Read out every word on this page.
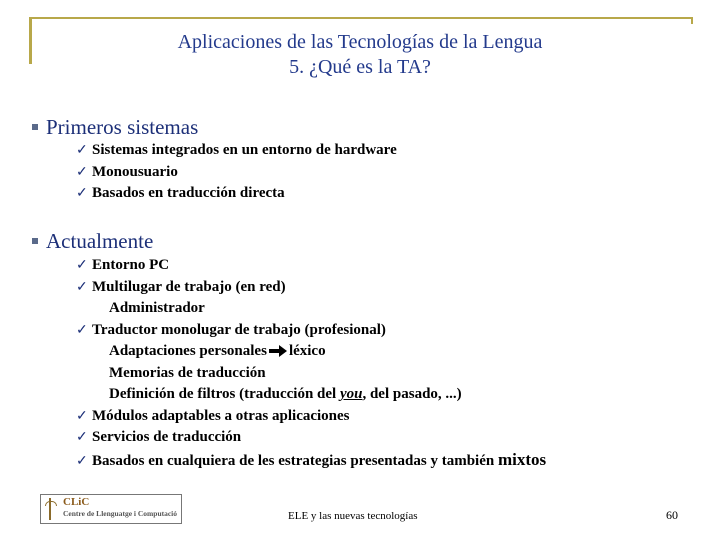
Aplicaciones de las Tecnologías de la Lengua
5. ¿Qué es la TA?
Primeros sistemas
✓ Sistemas integrados en un entorno de hardware
✓ Monousuario
✓ Basados en traducción directa
Actualmente
✓ Entorno PC
✓ Multilugar de trabajo (en red)
Administrador
✓ Traductor monolugar de trabajo (profesional)
Adaptaciones personales léxico
Memorias de traducción
Definición de filtros (traducción del you, del pasado, ...)
✓ Módulos adaptables a otras aplicaciones
✓ Servicios de traducción
✓ Basados en cualquiera de les estrategias presentadas y también mixtos
CLiC
Centre de Llenguatge i Computació	ELE y las nuevas tecnologías	60
